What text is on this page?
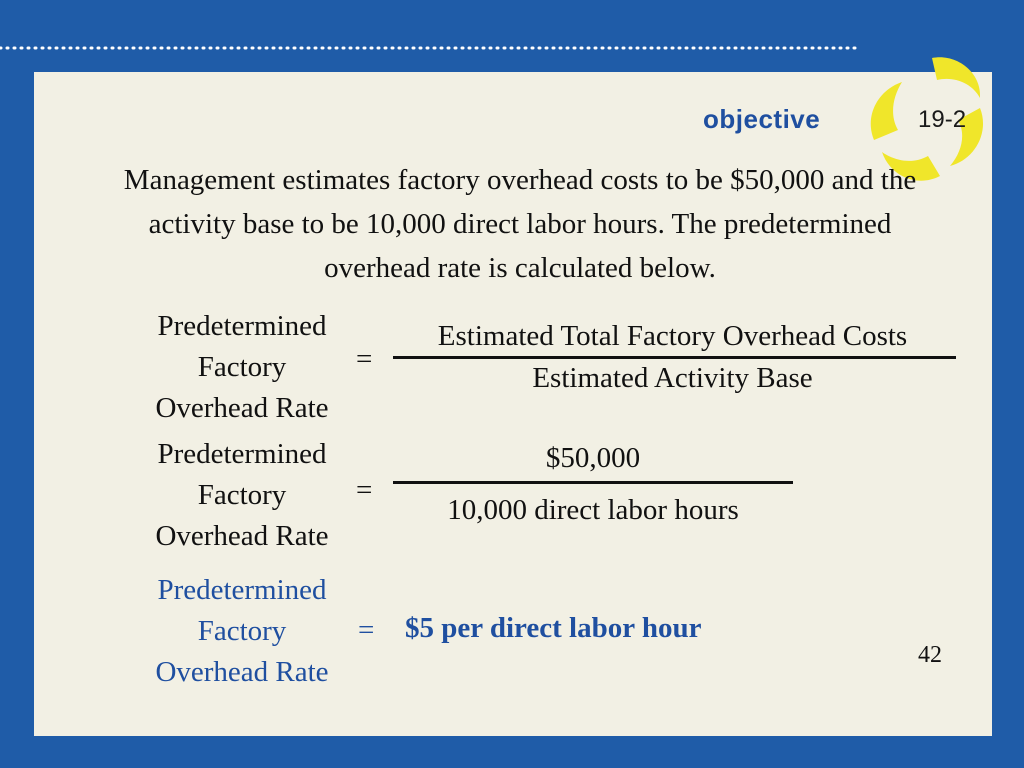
objective	19-2
Management estimates factory overhead costs to be $50,000 and the activity base to be 10,000 direct labor hours. The predetermined overhead rate is calculated below.
Predetermined
Factory
Overhead Rate
=
Estimated Total Factory Overhead Costs
Estimated Activity Base
Predetermined
Factory
Overhead Rate
=
$50,000
10,000 direct labor hours
Predetermined
Factory
Overhead Rate
= $5 per direct labor hour
42
